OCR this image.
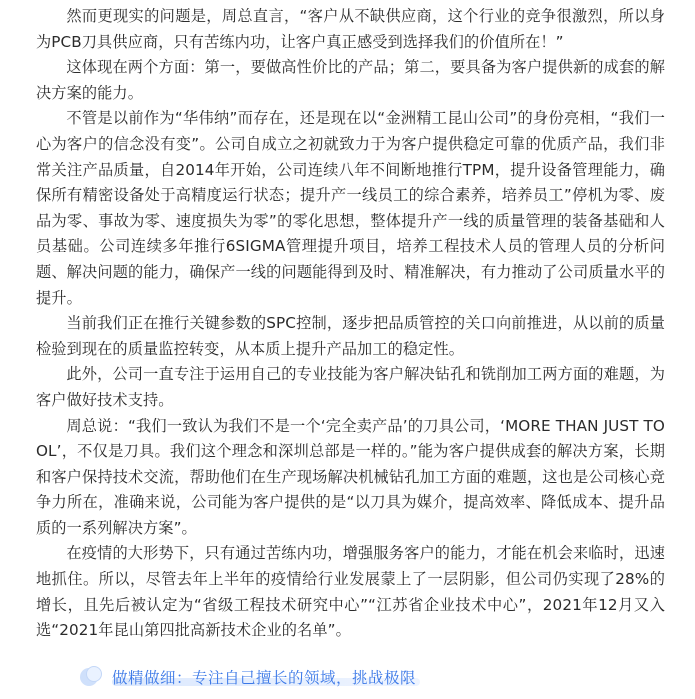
然而更现实的问题是，周总直言，“客户从不缺供应商，这个行业的竞争很激烈，所以身为PCB刀具供应商，只有苦练内功，让客户真正感受到选择我们的价值所在！”

这体现在两个方面：第一，要做高性价比的产品；第二，要具备为客户提供新的成套的解决方案的能力。

不管是以前作为“华伟纳”而存在，还是现在以“金洲精工昆山公司”的身份亮相，“我们一心为客户的信念没有变”。公司自成立之初就致力于为客户提供稳定可靠的优质产品，我们非常关注产品质量，自2014年开始，公司连续八年不间断地推行TPM，提升设备管理能力，确保所有精密设备处于高精度运行状态；提升产一线员工的综合素养，培养员工”停机为零、废品为零、事故为零、速度损失为零”的零化思想，整体提升产一线的质量管理的装备基础和人员基础。公司连续多年推行6SIGMA管理提升项目，培养工程技术人员的管理人员的分析问题、解决问题的能力，确保产一线的问题能得到及时、精准解决，有力推动了公司质量水平的提升。

当前我们正在推行关键参数的SPC控制，逐步把品质管控的关口向前推进，从以前的质量检验到现在的质量监控转变，从本质上提升产品加工的稳定性。

此外，公司一直专注于运用自己的专业技能为客户解决钻孔和铣削加工两方面的难题，为客户做好技术支持。

周总说：“我们一致认为我们不是一个‘完全卖产品’的刀具公司，‘MORE THAN JUST TOOL’，不仅是刀具。我们这个理念和深圳总部是一样的。”能为客户提供成套的解决方案，长期和客户保持技术交流，帮助他们在生产现场解决机械钻孔加工方面的难题，这也是公司核心竞争力所在，准确来说，公司能为客户提供的是“以刀具为媒介，提高效率、降低成本、提升品质的一系列解决方案”。

在疫情的大形势下，只有通过苦练内功，增强服务客户的能力，才能在机会来临时，迅速地抓住。所以，尽管去年上半年的疫情给行业发展蒙上了一层阴影，但公司仍实现了28%的增长，且先后被认定为“省级工程技术研究中心”“江苏省企业技术中心”，2021年12月又入选“2021年昆山第四批高新技术企业的名单”。

做精做细：专注自己擅长的领域，挑战极限
